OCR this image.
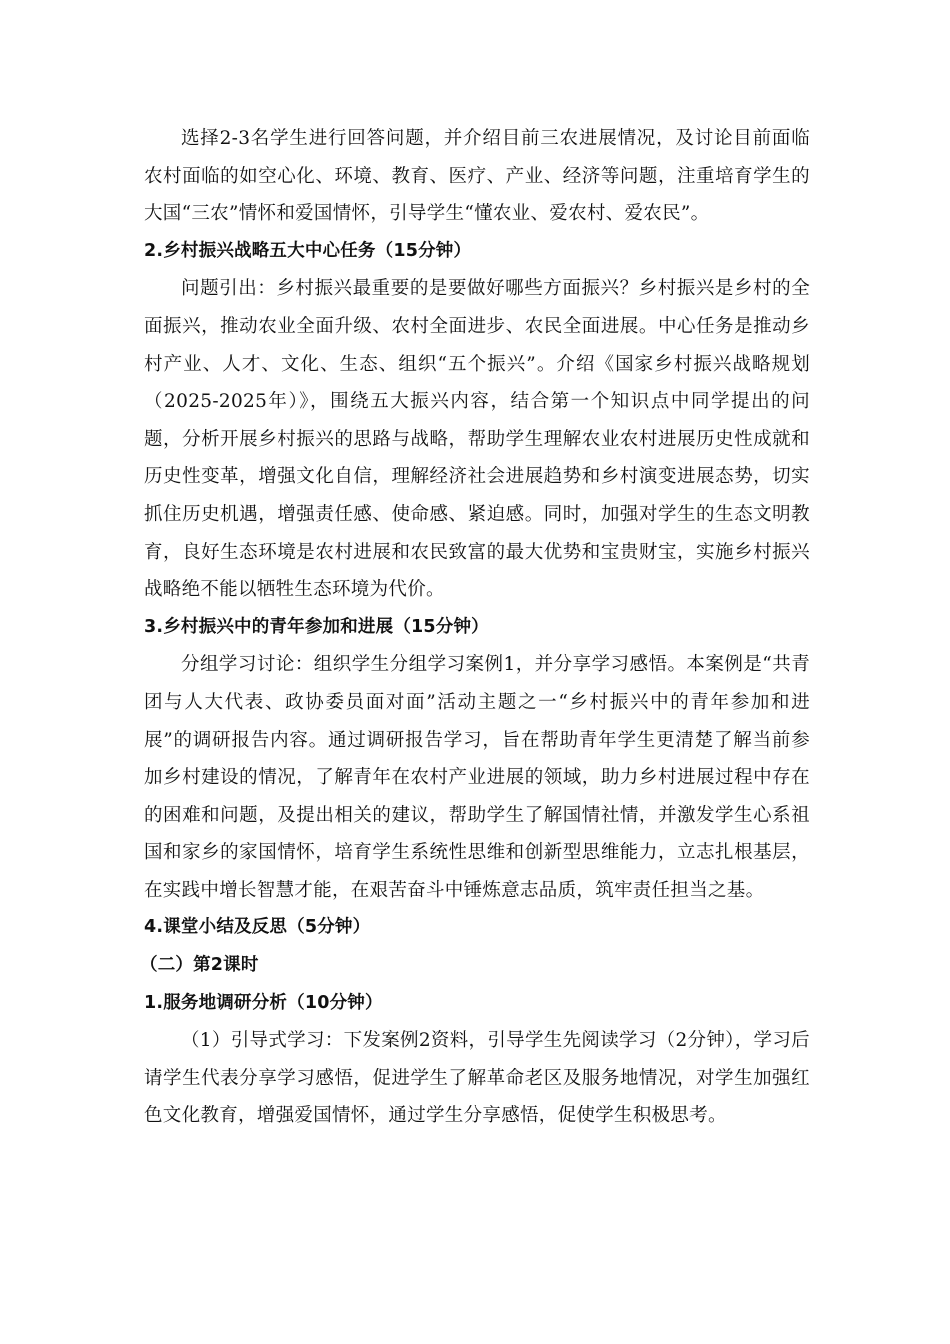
选择2-3名学生进行回答问题，并介绍目前三农进展情况，及讨论目前面临农村面临的如空心化、环境、教育、医疗、产业、经济等问题，注重培育学生的大国“三农”情怀和爱国情怀，引导学生“懂农业、爱农村、爱农民”。

2.乡村振兴战略五大中心任务（15分钟）

问题引出：乡村振兴最重要的是要做好哪些方面振兴？乡村振兴是乡村的全面振兴，推动农业全面升级、农村全面进步、农民全面进展。中心任务是推动乡村产业、人才、文化、生态、组织“五个振兴”。介绍《国家乡村振兴战略规划（2025-2025年）》，围绕五大振兴内容，结合第一个知识点中同学提出的问题，分析开展乡村振兴的思路与战略，帮助学生理解农业农村进展历史性成就和历史性变革，增强文化自信，理解经济社会进展趋势和乡村演变进展态势，切实抓住历史机遇，增强责任感、使命感、紧迫感。同时，加强对学生的生态文明教育，良好生态环境是农村进展和农民致富的最大优势和宝贵财宝，实施乡村振兴战略绝不能以牺牲生态环境为代价。

3.乡村振兴中的青年参加和进展（15分钟）

分组学习讨论：组织学生分组学习案例1，并分享学习感悟。本案例是“共青团与人大代表、政协委员面对面”活动主题之一“乡村振兴中的青年参加和进展”的调研报告内容。通过调研报告学习，旨在帮助青年学生更清楚了解当前参加乡村建设的情况，了解青年在农村产业进展的领域，助力乡村进展过程中存在的困难和问题，及提出相关的建议，帮助学生了解国情社情，并激发学生心系祖国和家乡的家国情怀，培育学生系统性思维和创新型思维能力，立志扎根基层，在实践中增长智慧才能，在艰苦奋斗中锤炼意志品质，筑牢责任担当之基。

4.课堂小结及反思（5分钟）

（二）第2课时

1.服务地调研分析（10分钟）

（1）引导式学习：下发案例2资料，引导学生先阅读学习（2分钟），学习后请学生代表分享学习感悟，促进学生了解革命老区及服务地情况，对学生加强红色文化教育，增强爱国情怀，通过学生分享感悟，促使学生积极思考。
